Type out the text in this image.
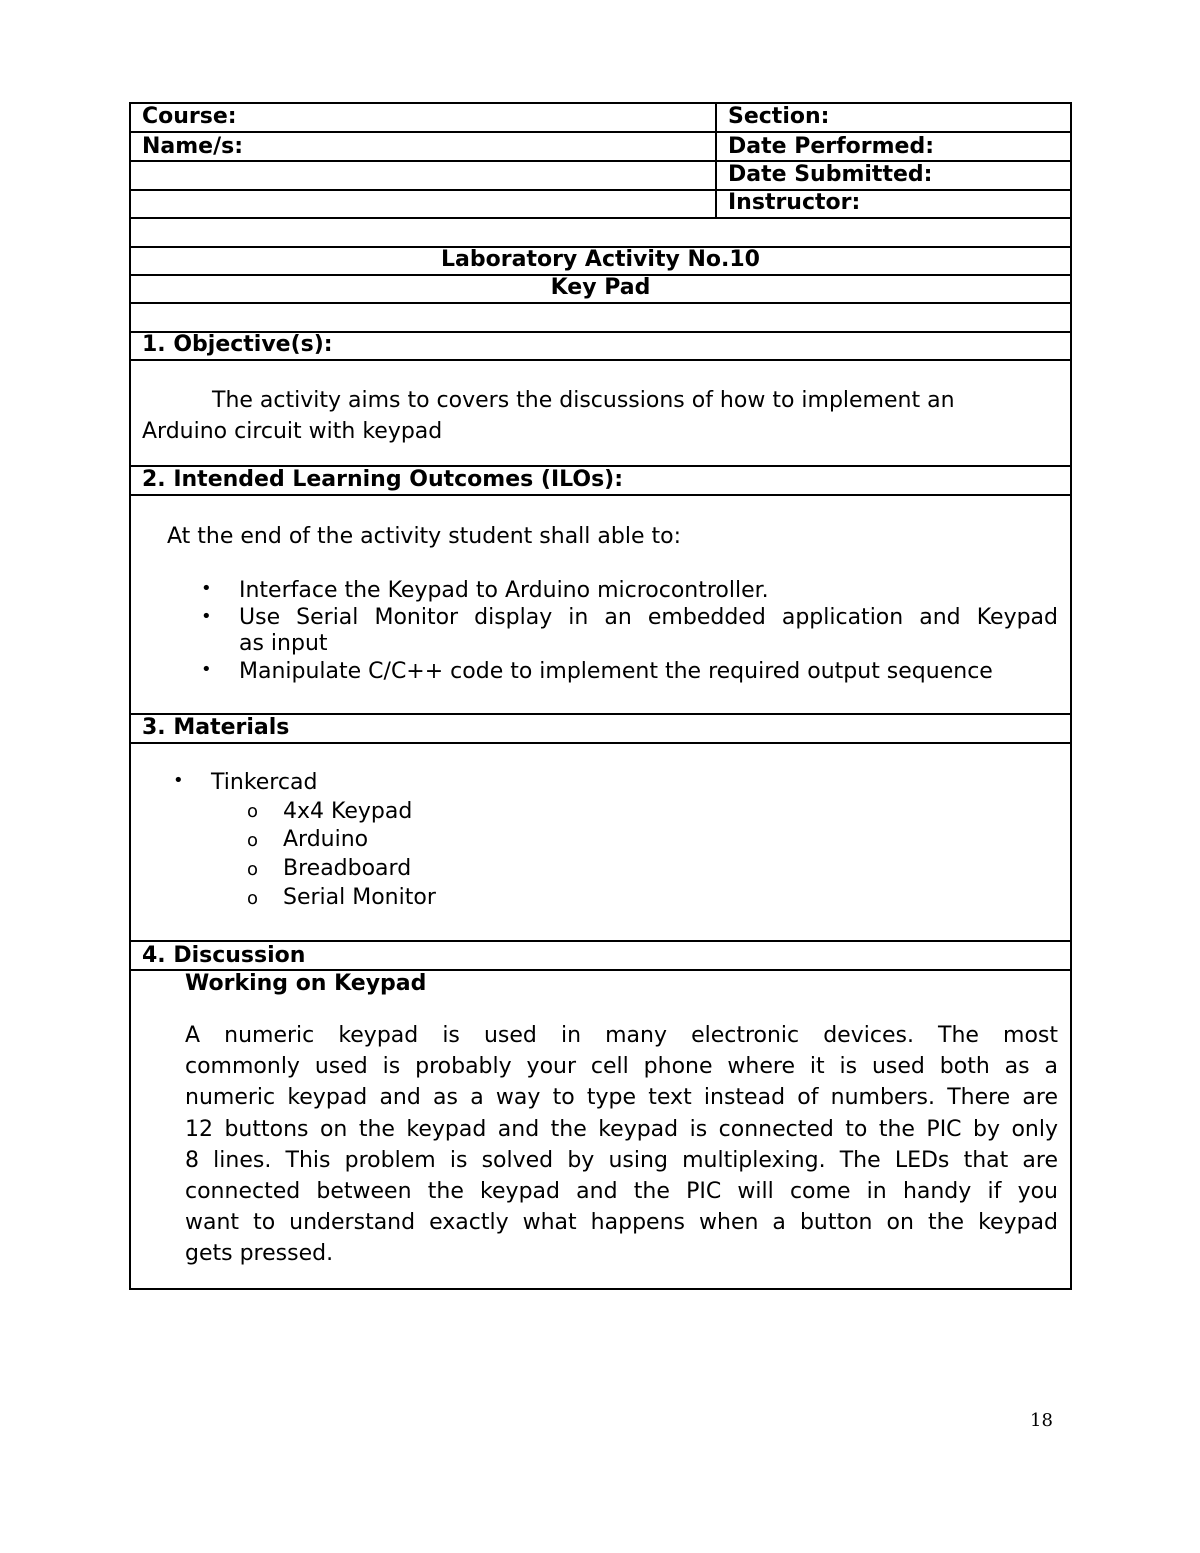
Course:	Section:
Name/s:	Date Performed:
Date Submitted:
Instructor:
Laboratory Activity No.10
Key Pad
1. Objective(s):
The activity aims to covers the discussions of how to implement an
Arduino circuit with keypad
2. Intended Learning Outcomes (ILOs):
At the end of the activity student shall able to:
• Interface the Keypad to Arduino microcontroller.
• Use Serial Monitor display in an embedded application and Keypad
as input
• Manipulate C/C++ code to implement the required output sequence
3. Materials
• Tinkercad
o 4x4 Keypad
o Arduino
o Breadboard
o Serial Monitor
4. Discussion
Working on Keypad
A numeric keypad is used in many electronic devices. The most
commonly used is probably your cell phone where it is used both as a
numeric keypad and as a way to type text instead of numbers. There are
12 buttons on the keypad and the keypad is connected to the PIC by only
8 lines. This problem is solved by using multiplexing. The LEDs that are
connected between the keypad and the PIC will come in handy if you
want to understand exactly what happens when a button on the keypad
gets pressed.
18
